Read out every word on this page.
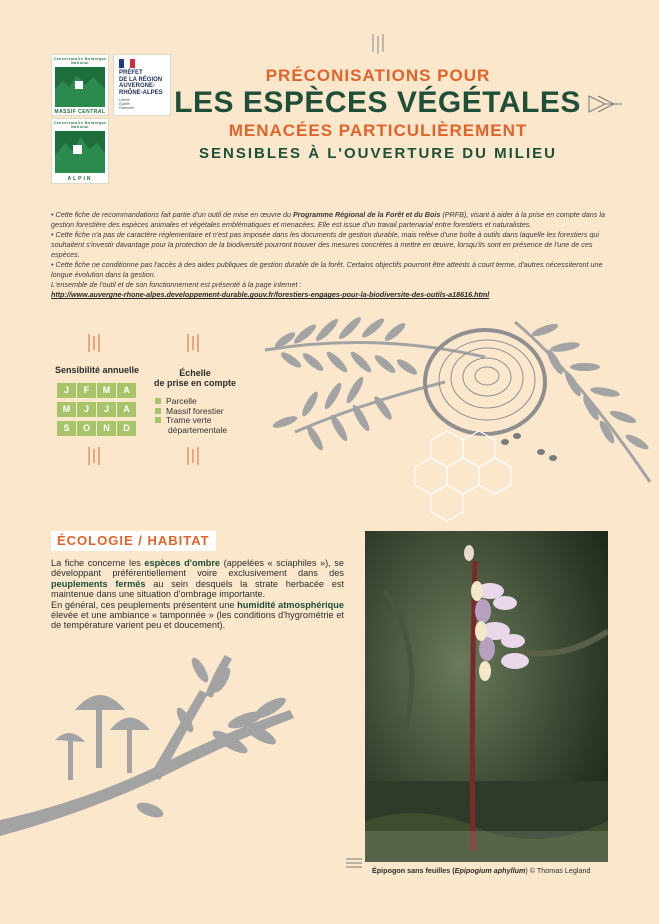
Conservatoire Botanique National
MASSIF CENTRAL
Conservatoire Botanique National
ALPIN
PRÉFET
DE LA RÉGION
AUVERGNE-
RHÔNE-ALPES
Liberté
Égalité
Fraternité
PRÉCONISATIONS POUR
LES ESPÈCES VÉGÉTALES
MENACÉES PARTICULIÈREMENT
SENSIBLES À L'OUVERTURE DU MILIEU

• Cette fiche de recommandations fait partie d'un outil de mise en œuvre du Programme Régional de la Forêt et du Bois (PRFB), visant à aider à la prise en compte dans la gestion forestière des espèces animales et végétales emblématiques et menacées. Elle est issue d'un travail partenarial entre forestiers et naturalistes.

• Cette fiche n'a pas de caractère réglementaire et n'est pas imposée dans les documents de gestion durable, mais relève d'une boîte à outils dans laquelle les forestiers qui souhaitent s'investir davantage pour la protection de la biodiversité pourront trouver des mesures concrètes à mettre en œuvre, lorsqu'ils sont en présence de l'une de ces espèces.

• Cette fiche ne conditionne pas l'accès à des aides publiques de gestion durable de la forêt. Certains objectifs pourront être atteints à court terme, d'autres nécessiteront une longue évolution dans la gestion.

L'ensemble de l'outil et de son fonctionnement est présenté à la page internet :

http://www.auvergne-rhone-alpes.developpement-durable.gouv.fr/forestiers-engages-pour-la-biodiversite-des-outils-a18616.html

Sensibilité annuelle
J	F	M	A
M	J	J	A
S	O	N	D
Échelle
de prise en compte
Parcelle
Massif forestier
Trame verte
départementale
ÉCOLOGIE / HABITAT

La fiche concerne les espèces d'ombre (appelées « sciaphiles »), se développant préférentiellement voire exclusivement dans des peuplements fermés au sein desquels la strate herbacée est maintenue dans une situation d'ombrage importante.

En général, ces peuplements présentent une humidité atmosphérique élevée et une ambiance « tamponnée » (les conditions d'hygrométrie et de température varient peu et doucement).

Épipogon sans feuilles (Epipogium aphyllum) © Thomas Legland
